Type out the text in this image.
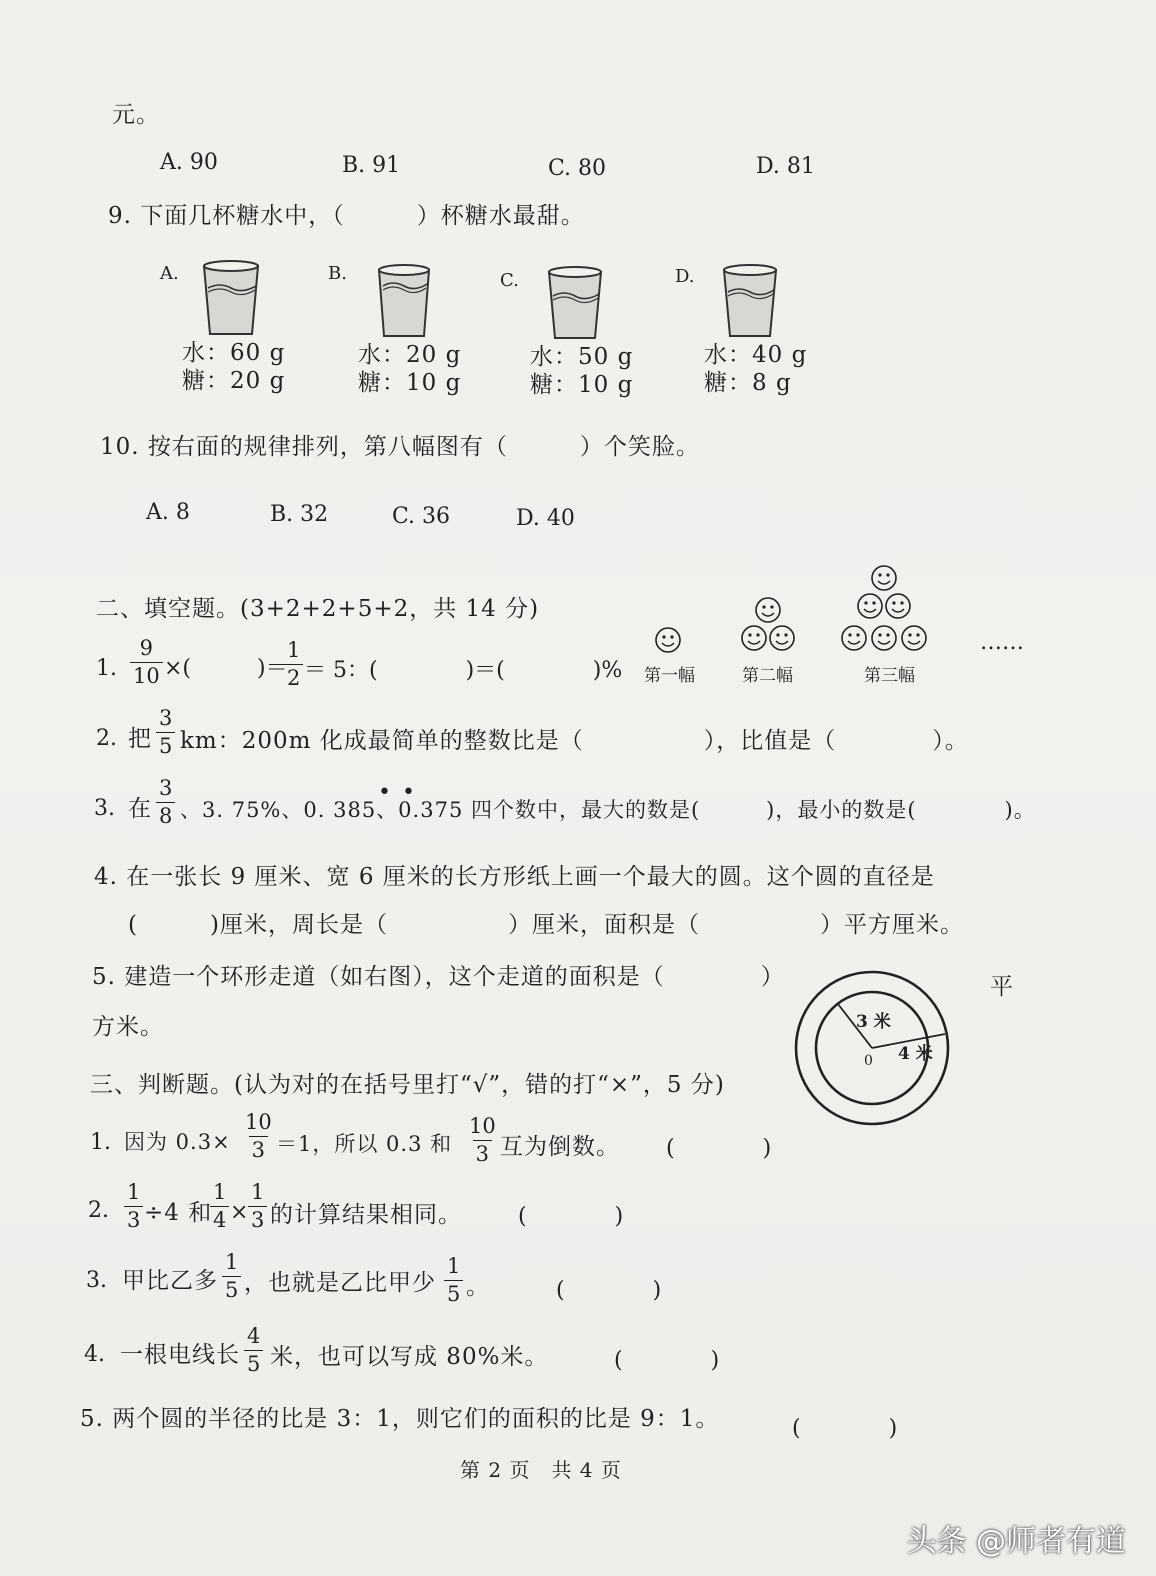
元。
A. 90	B. 91	C. 80	D. 81
9. 下面几杯糖水中，（　　　）杯糖水最甜。
A.
水：60 g
糖：20 g
B.
水：20 g
糖：10 g
C.
水：50 g
糖：10 g
D.
水：40 g
糖：8 g
10. 按右面的规律排列，第八幅图有（　　　）个笑脸。
A. 8	B. 32	C. 36	D. 40
第一幅	第二幅	第三幅
……
二、填空题。(3+2+2+5+2，共 14 分)
1. $\frac{9}{10}$ ×(　　　)＝
$\frac{1}{2} = 5$：(　　　　)＝(　　　　)%
2. 把 $\frac{3}{5}$ km：200m 化成最简单的整数比是（　　　　　），比值是（　　　　）。
3. 在 $\frac{3}{8}$	• •
、3. 75%、0. 385、0.375 四个数中，最大的数是(　　　)，最小的数是(　　　　)。
4. 在一张长 9 厘米、宽 6 厘米的长方形纸上画一个最大的圆。这个圆的直径是
(　　　)厘米，周长是（　　　　　）厘米，面积是（　　　　　）平方厘米。
5. 建造一个环形走道（如右图），这个走道的面积是（　　　　）	平
方米。	3 米
4 米
0
三、判断题。(认为对的在括号里打“√”，错的打“×”，5 分)
1. 因为 $0.3\times \frac{10}{3} =1$，所以 0.3 和 $\frac{10}{3}$ 互为倒数。 (　　　　)
2. $\frac{1}{3} \div 4$ 和
$\frac{1}{4} \times \frac{1}{3}$ 的计算结果相同。	(　　　　)
3. 甲比乙多 $\frac{1}{5}$ ，也就是乙比甲少 $\frac{1}{5}$ 。	(　　　　)
4. 一根电线长 $\frac{4}{5}$ 米，也可以写成 80%米。	(　　　　)
5. 两个圆的半径的比是 3：1，则它们的面积的比是 9：1。	(　　　　)
第 2 页　共 4 页
头条 @师者有道
